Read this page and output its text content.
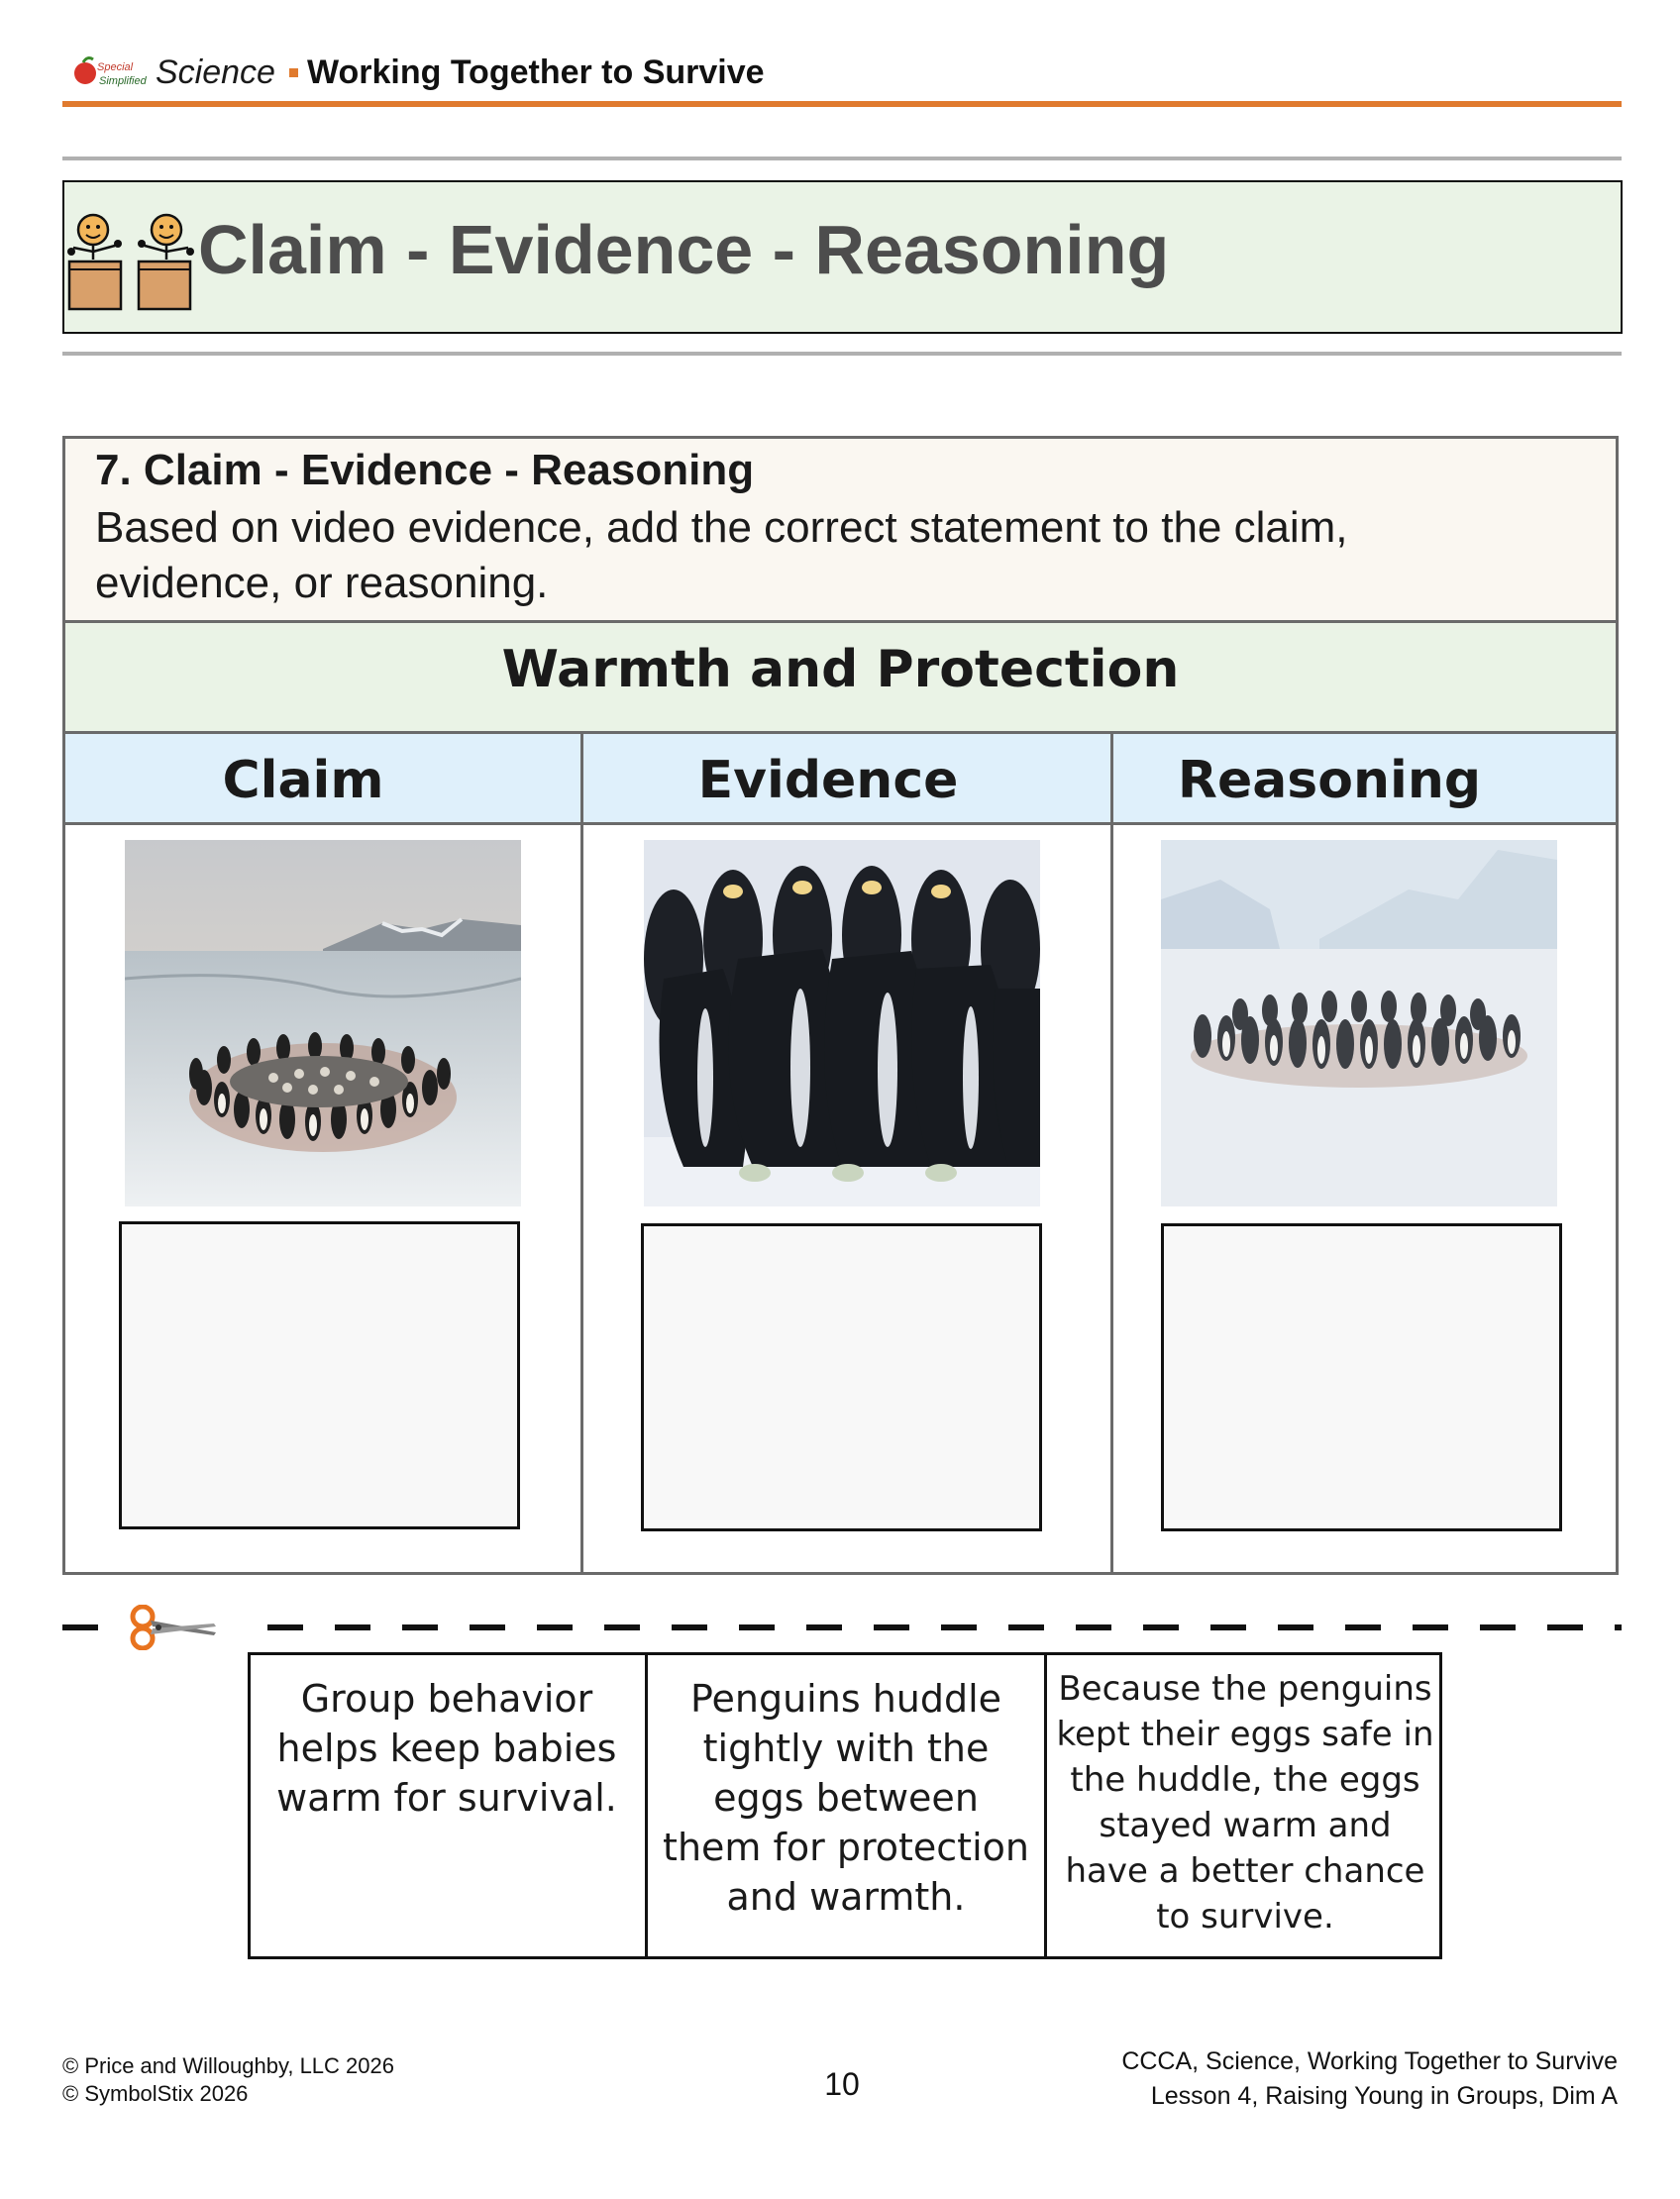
Special
Simplified Science Working Together to Survive
Claim - Evidence - Reasoning
7. Claim - Evidence - Reasoning
Based on video evidence, add the correct statement to the claim, evidence, or reasoning.
Warmth and Protection
Claim	Evidence	Reasoning
Group behavior helps keep babies warm for survival.
Penguins huddle tightly with the eggs between them for protection and warmth.
Because the penguins kept their eggs safe in the huddle, the eggs stayed warm and have a better chance to survive.
© Price and Willoughby, LLC 2026
© SymbolStix 2026	10
CCCA, Science, Working Together to Survive
Lesson 4, Raising Young in Groups, Dim A
